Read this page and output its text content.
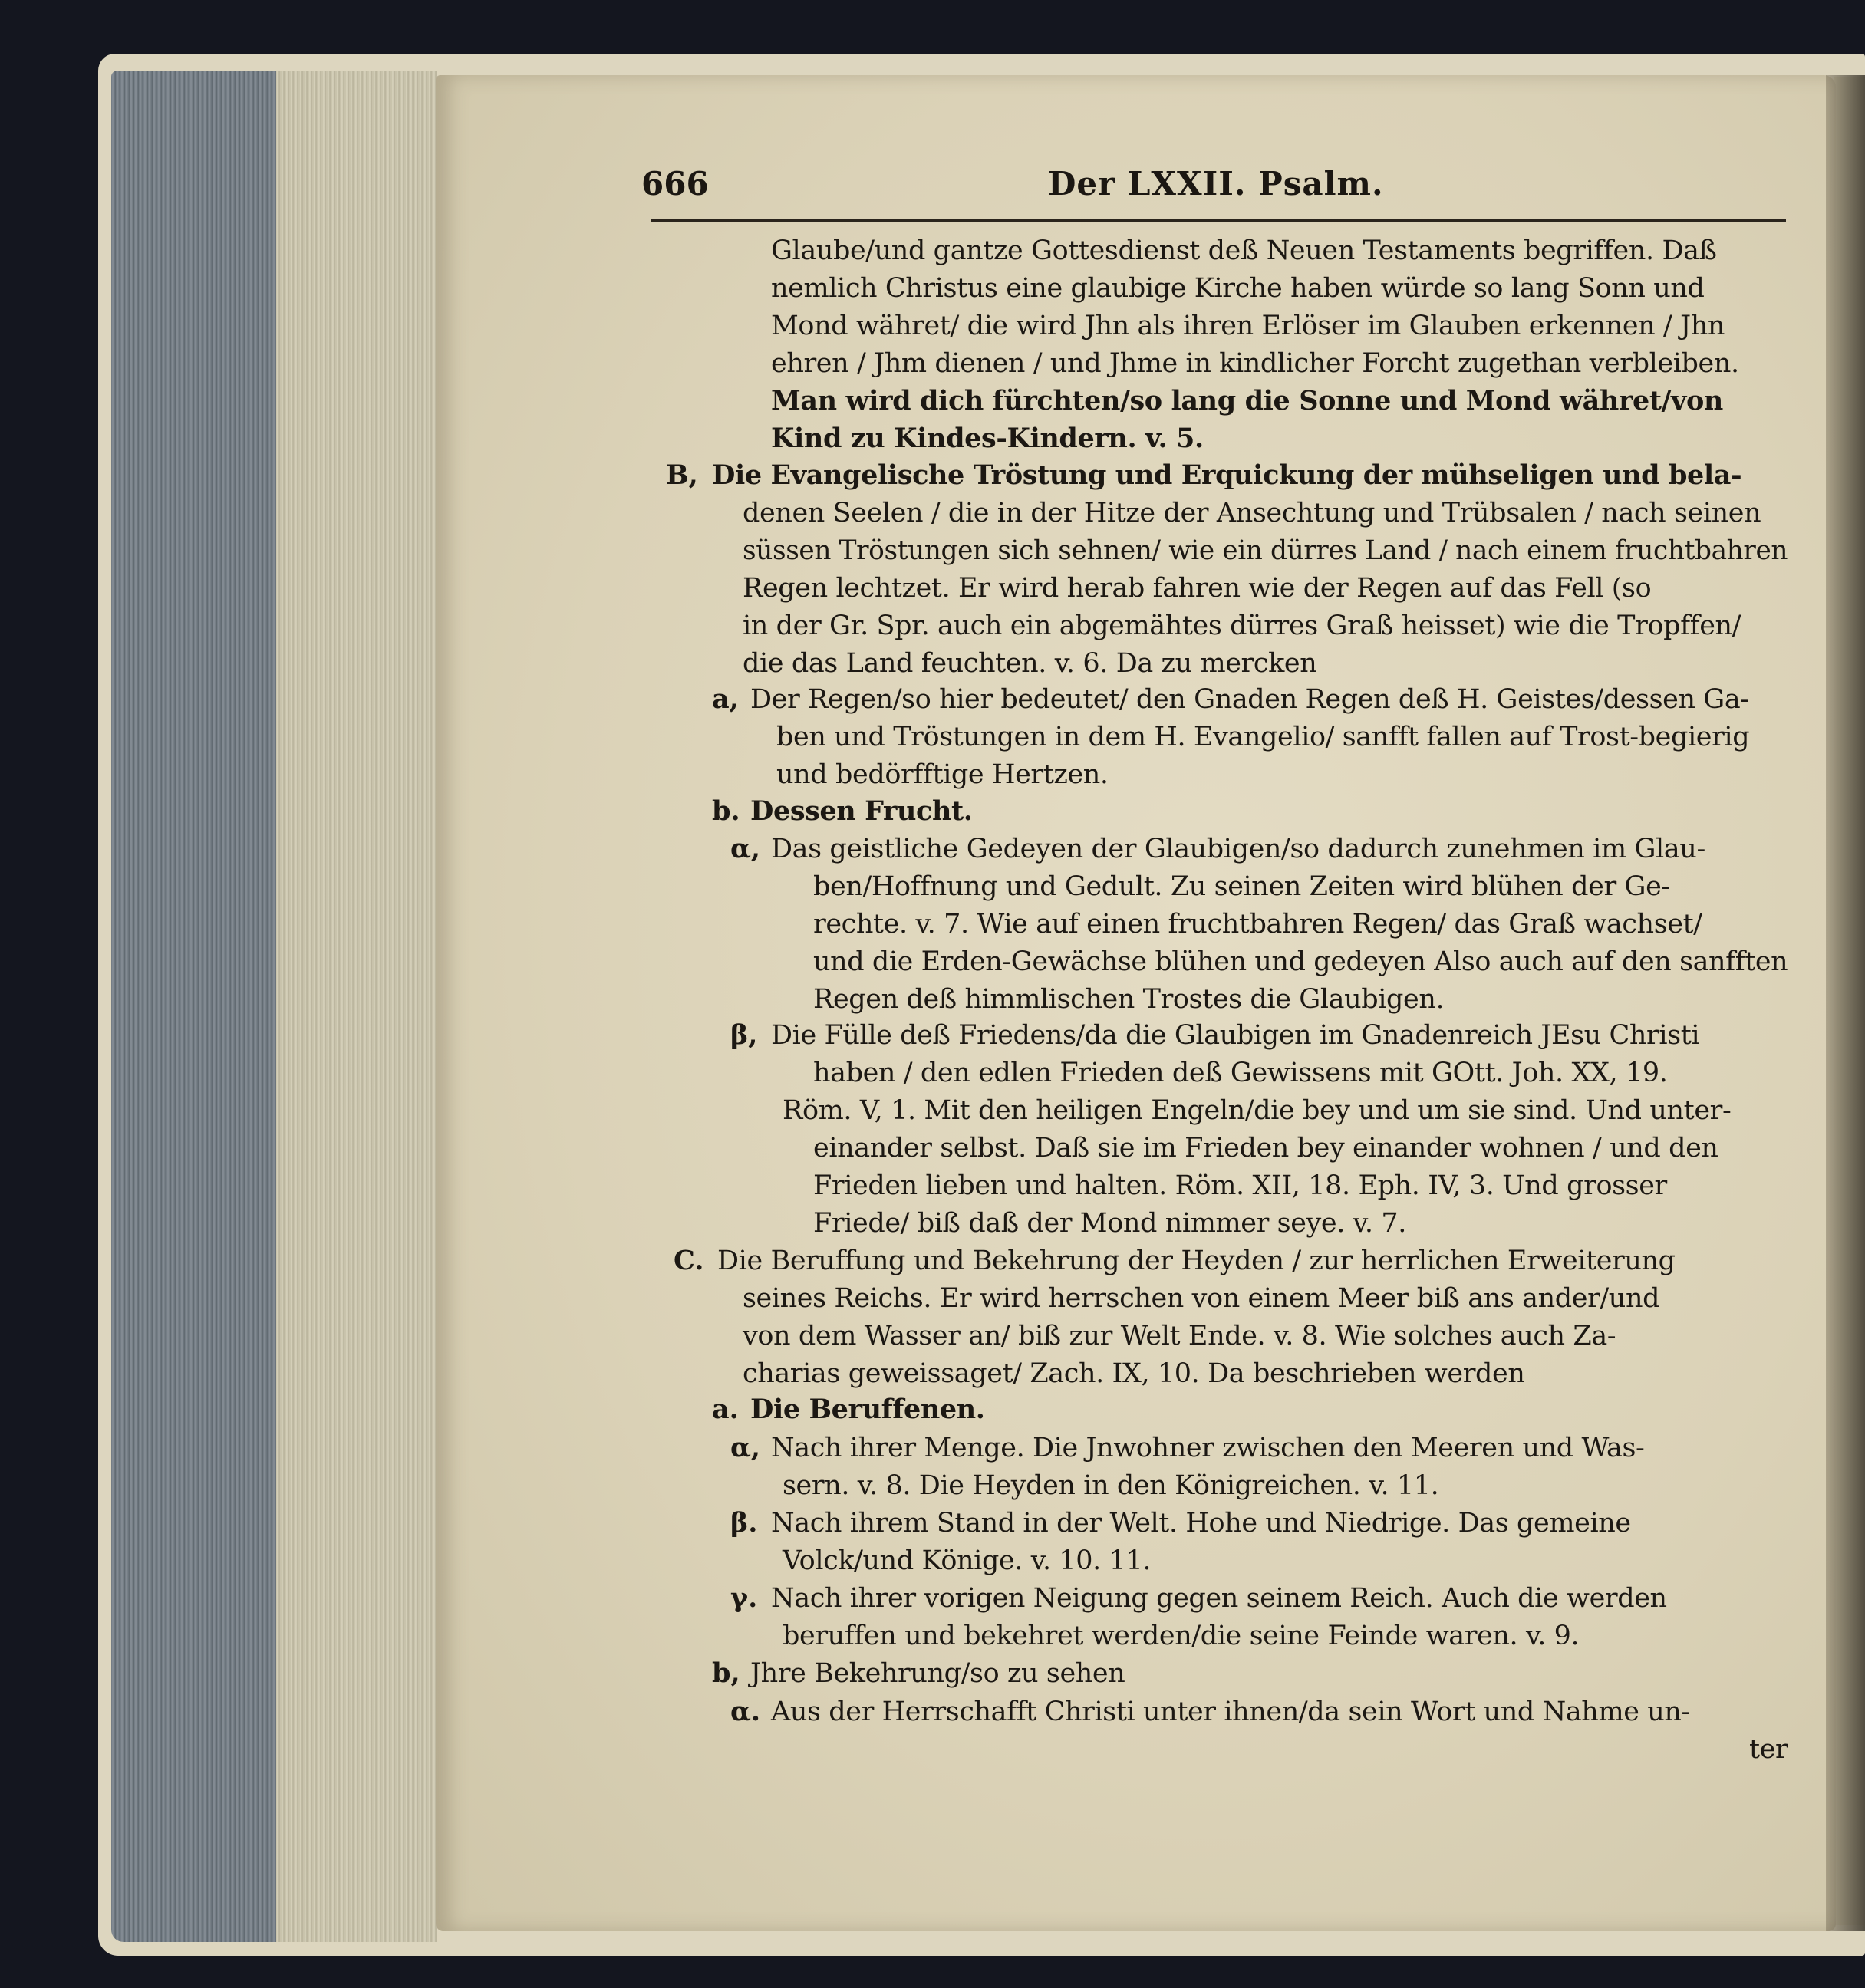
666	Der LXXII. Psalm.
B,
a,
b.
α,
β,
C.
a.
α,
β.
γ.
b,
α.
Glaube/und gantze Gottesdienst deß Neuen Testaments begriffen. Daß
nemlich Christus eine glaubige Kirche haben würde so lang Sonn und
Mond währet/ die wird Jhn als ihren Erlöser im Glauben erkennen / Jhn
ehren / Jhm dienen / und Jhme in kindlicher Forcht zugethan verbleiben.
Man wird dich fürchten/so lang die Sonne und Mond währet/von
Kind zu Kindes-Kindern. v. 5.
Die Evangelische Tröstung und Erquickung der mühseligen und bela-
denen Seelen / die in der Hitze der Ansechtung und Trübsalen / nach seinen
süssen Tröstungen sich sehnen/ wie ein dürres Land / nach einem fruchtbahren
Regen lechtzet. Er wird herab fahren wie der Regen auf das Fell (so
in der Gr. Spr. auch ein abgemähtes dürres Graß heisset) wie die Tropffen/
die das Land feuchten. v. 6. Da zu mercken
Der Regen/so hier bedeutet/ den Gnaden Regen deß H. Geistes/dessen Ga-
ben und Tröstungen in dem H. Evangelio/ sanfft fallen auf Trost-begierig
und bedörfftige Hertzen.
Dessen Frucht.
Das geistliche Gedeyen der Glaubigen/so dadurch zunehmen im Glau-
ben/Hoffnung und Gedult. Zu seinen Zeiten wird blühen der Ge-
rechte. v. 7. Wie auf einen fruchtbahren Regen/ das Graß wachset/
und die Erden-Gewächse blühen und gedeyen Also auch auf den sanfften
Regen deß himmlischen Trostes die Glaubigen.
Die Fülle deß Friedens/da die Glaubigen im Gnadenreich JEsu Christi
haben / den edlen Frieden deß Gewissens mit GOtt. Joh. XX, 19.
Röm. V, 1. Mit den heiligen Engeln/die bey und um sie sind. Und unter-
einander selbst. Daß sie im Frieden bey einander wohnen / und den
Frieden lieben und halten. Röm. XII, 18. Eph. IV, 3. Und grosser
Friede/ biß daß der Mond nimmer seye. v. 7.
Die Beruffung und Bekehrung der Heyden / zur herrlichen Erweiterung
seines Reichs. Er wird herrschen von einem Meer biß ans ander/und
von dem Wasser an/ biß zur Welt Ende. v. 8. Wie solches auch Za-
charias geweissaget/ Zach. IX, 10. Da beschrieben werden
Die Beruffenen.
Nach ihrer Menge. Die Jnwohner zwischen den Meeren und Was-
sern. v. 8. Die Heyden in den Königreichen. v. 11.
Nach ihrem Stand in der Welt. Hohe und Niedrige. Das gemeine
Volck/und Könige. v. 10. 11.
Nach ihrer vorigen Neigung gegen seinem Reich. Auch die werden
beruffen und bekehret werden/die seine Feinde waren. v. 9.
Jhre Bekehrung/so zu sehen
Aus der Herrschafft Christi unter ihnen/da sein Wort und Nahme un-
ter
